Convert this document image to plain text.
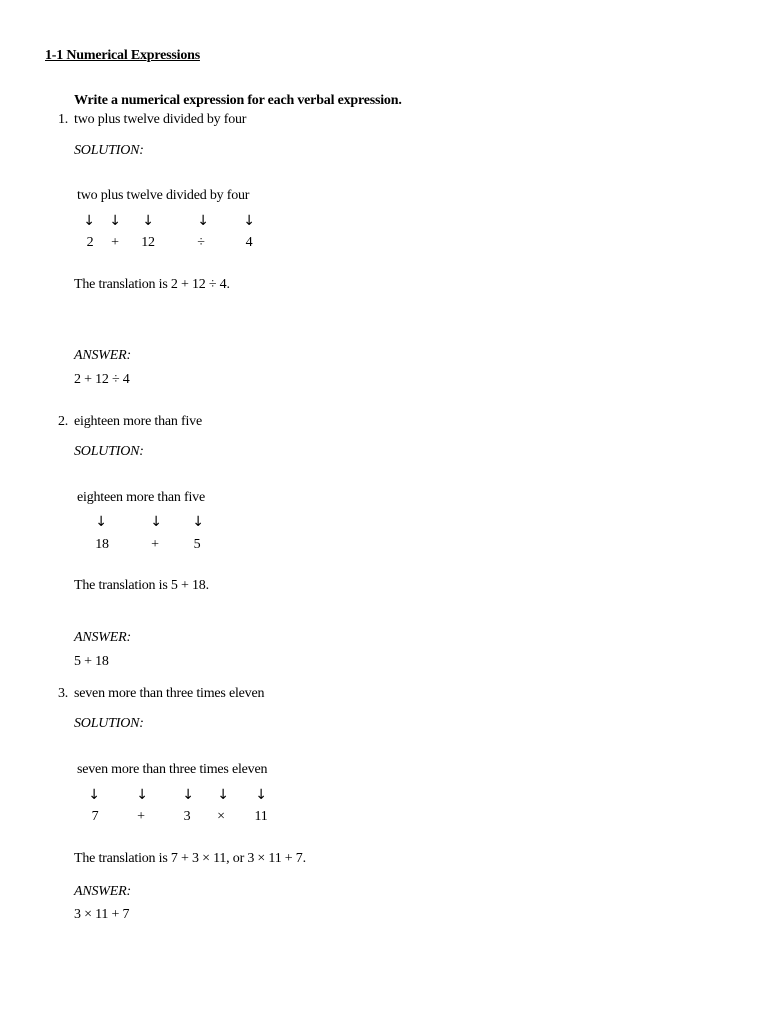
1-1 Numerical Expressions
Write a numerical expression for each verbal expression.
1. two plus twelve divided by four
SOLUTION:
two plus twelve divided by four
↓	↓	↓	↓	↓
2	+	12	÷	4
The translation is 2 + 12 ÷ 4.
ANSWER:
2 + 12 ÷ 4
2. eighteen more than five
SOLUTION:
eighteen more than five
↓	↓	↓
18	+	5
The translation is 5 + 18.
ANSWER:
5 + 18
3. seven more than three times eleven
SOLUTION:
seven more than three times eleven
↓	↓	↓	↓	↓
7	+	3	×	11
The translation is 7 + 3 × 11, or 3 × 11 + 7.
ANSWER:
3 × 11 + 7
